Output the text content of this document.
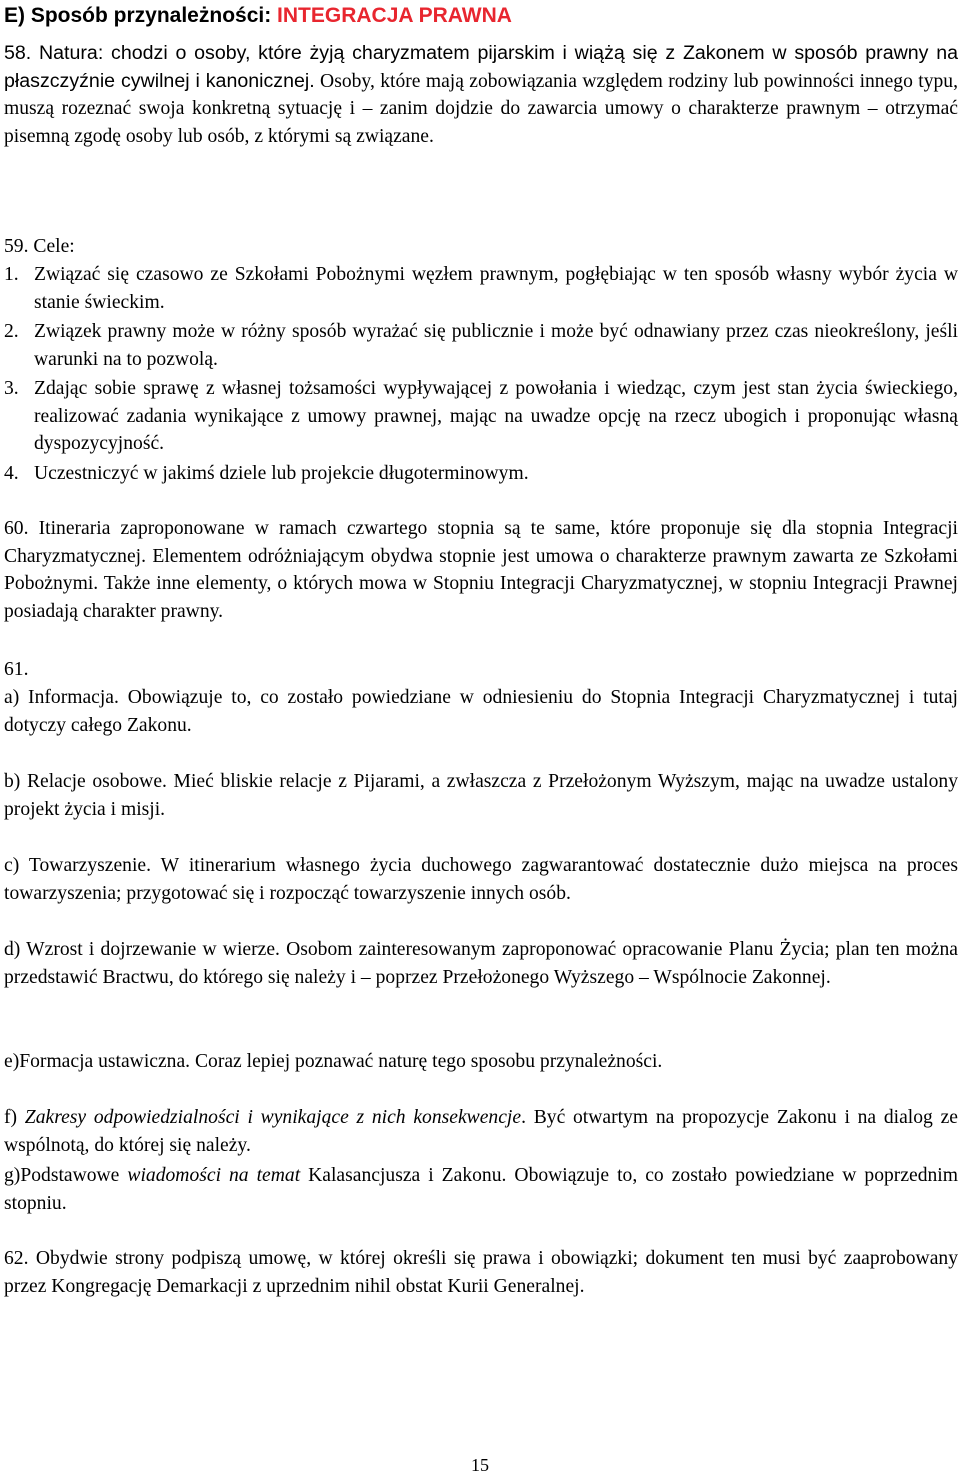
E) Sposób przynależności: INTEGRACJA PRAWNA
58. Natura: chodzi o osoby, które żyją charyzmatem pijarskim i wiążą się z Zakonem w sposób prawny na płaszczyźnie cywilnej i kanonicznej. Osoby, które mają zobowiązania względem rodziny lub powinności innego typu, muszą rozeznać swoja konkretną sytuację i – zanim dojdzie do zawarcia umowy o charakterze prawnym – otrzymać pisemną zgodę osoby lub osób, z którymi są związane.
59. Cele:
1. Związać się czasowo ze Szkołami Pobożnymi węzłem prawnym, pogłębiając w ten sposób własny wybór życia w stanie świeckim.
2. Związek prawny może w różny sposób wyrażać się publicznie i może być odnawiany przez czas nieokreślony, jeśli warunki na to pozwolą.
3. Zdając sobie sprawę z własnej tożsamości wypływającej z powołania i wiedząc, czym jest stan życia świeckiego, realizować zadania wynikające z umowy prawnej, mając na uwadze opcję na rzecz ubogich i proponując własną dyspozycyjność.
4. Uczestniczyć w jakimś dziele lub projekcie długoterminowym.
60. Itineraria zaproponowane w ramach czwartego stopnia są te same, które proponuje się dla stopnia Integracji Charyzmatycznej. Elementem odróżniającym obydwa stopnie jest umowa o charakterze prawnym zawarta ze Szkołami Pobożnymi. Także inne elementy, o których mowa w Stopniu Integracji Charyzmatycznej, w stopniu Integracji Prawnej posiadają charakter prawny.
61.
a) Informacja. Obowiązuje to, co zostało powiedziane w odniesieniu do Stopnia Integracji Charyzmatycznej i tutaj dotyczy całego Zakonu.
b) Relacje osobowe. Mieć bliskie relacje z Pijarami, a zwłaszcza z Przełożonym Wyższym, mając na uwadze ustalony projekt życia i misji.
c) Towarzyszenie. W itinerarium własnego życia duchowego zagwarantować dostatecznie dużo miejsca na proces towarzyszenia; przygotować się i rozpocząć towarzyszenie innych osób.
d) Wzrost i dojrzewanie w wierze. Osobom zainteresowanym zaproponować opracowanie Planu Życia; plan ten można przedstawić Bractwu, do którego się należy i – poprzez Przełożonego Wyższego – Wspólnocie Zakonnej.
e)Formacja ustawiczna. Coraz lepiej poznawać naturę tego sposobu przynależności.
f) Zakresy odpowiedzialności i wynikające z nich konsekwencje. Być otwartym na propozycje Zakonu i na dialog ze wspólnotą, do której się należy.
g)Podstawowe wiadomości na temat Kalasancjusza i Zakonu. Obowiązuje to, co zostało powiedziane w poprzednim stopniu.
62. Obydwie strony podpiszą umowę, w której określi się prawa i obowiązki; dokument ten musi być zaaprobowany przez Kongregację Demarkacji z uprzednim nihil obstat Kurii Generalnej.
15
